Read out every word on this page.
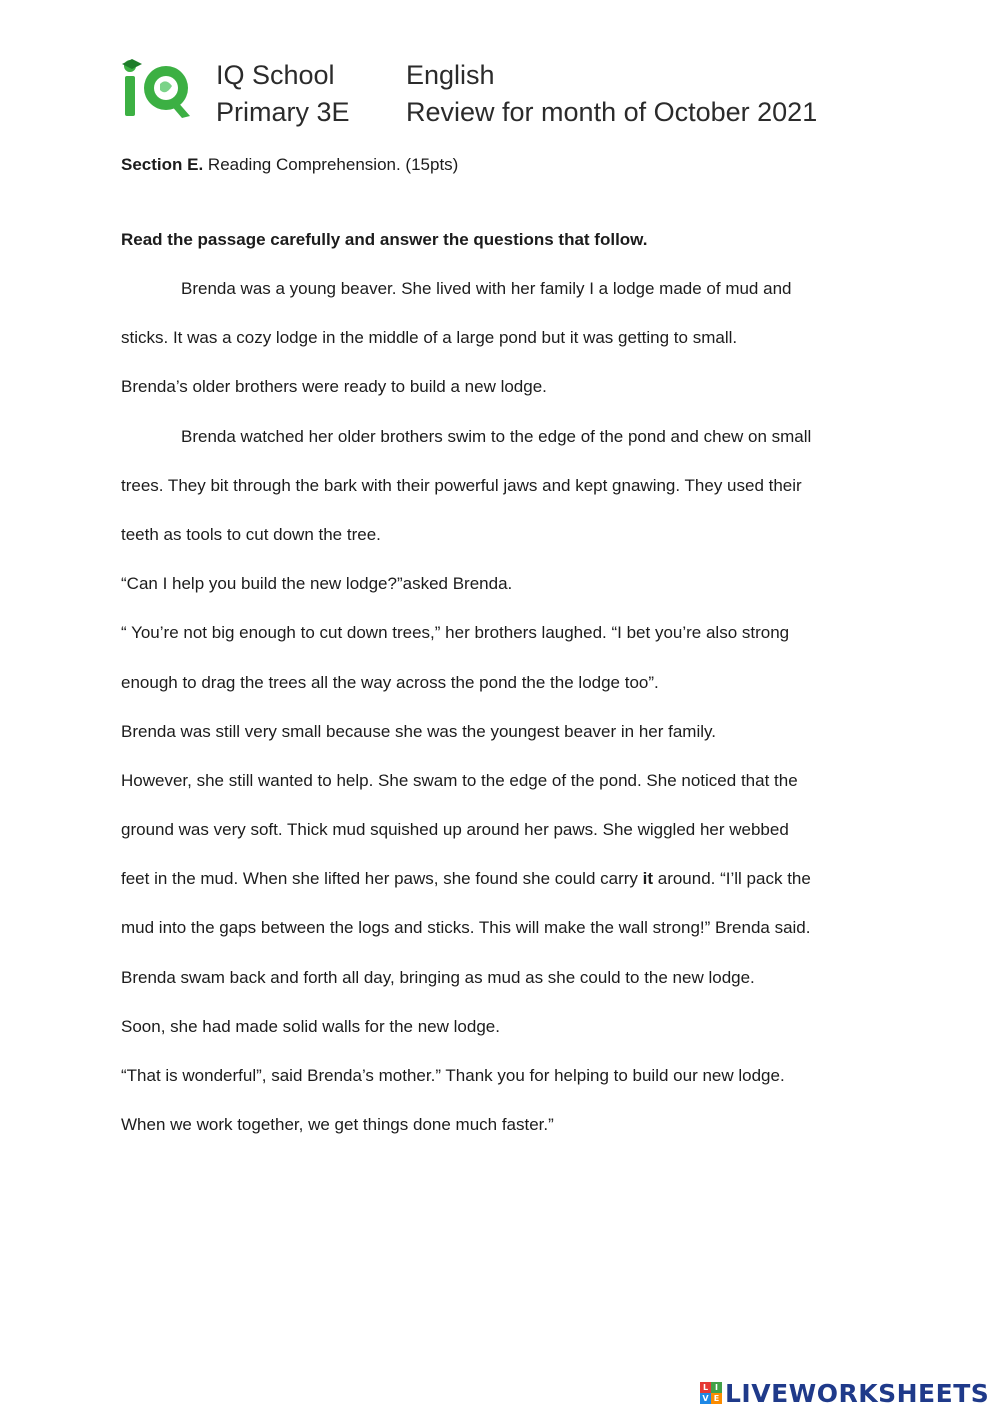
IQ School	English
Primary 3E Review for month of October 2021
Section E. Reading Comprehension. (15pts)
Read the passage carefully and answer the questions that follow.
Brenda was a young beaver. She lived with her family I a lodge made of mud and
sticks. It was a cozy lodge in the middle of a large pond but it was getting to small.
Brenda’s older brothers were ready to build a new lodge.
Brenda watched her older brothers swim to the edge of the pond and chew on small
trees. They bit through the bark with their powerful jaws and kept gnawing. They used their
teeth as tools to cut down the tree.
“Can I help you build the new lodge?”asked Brenda.
“ You’re not big enough to cut down trees,” her brothers laughed. “I bet you’re also strong
enough to drag the trees all the way across the pond the the lodge too”.
Brenda was still very small because she was the youngest beaver in her family.
However, she still wanted to help. She swam to the edge of the pond. She noticed that the
ground was very soft. Thick mud squished up around her paws. She wiggled her webbed
feet in the mud. When she lifted her paws, she found she could carry it around. “I’ll pack the
mud into the gaps between the logs and sticks. This will make the wall strong!” Brenda said.
Brenda swam back and forth all day, bringing as mud as she could to the new lodge.
Soon, she had made solid walls for the new lodge.
“That is wonderful”, said Brenda’s mother.” Thank you for helping to build our new lodge.
When we work together, we get things done much faster.”
L I
V E LIVEWORKSHEETS
